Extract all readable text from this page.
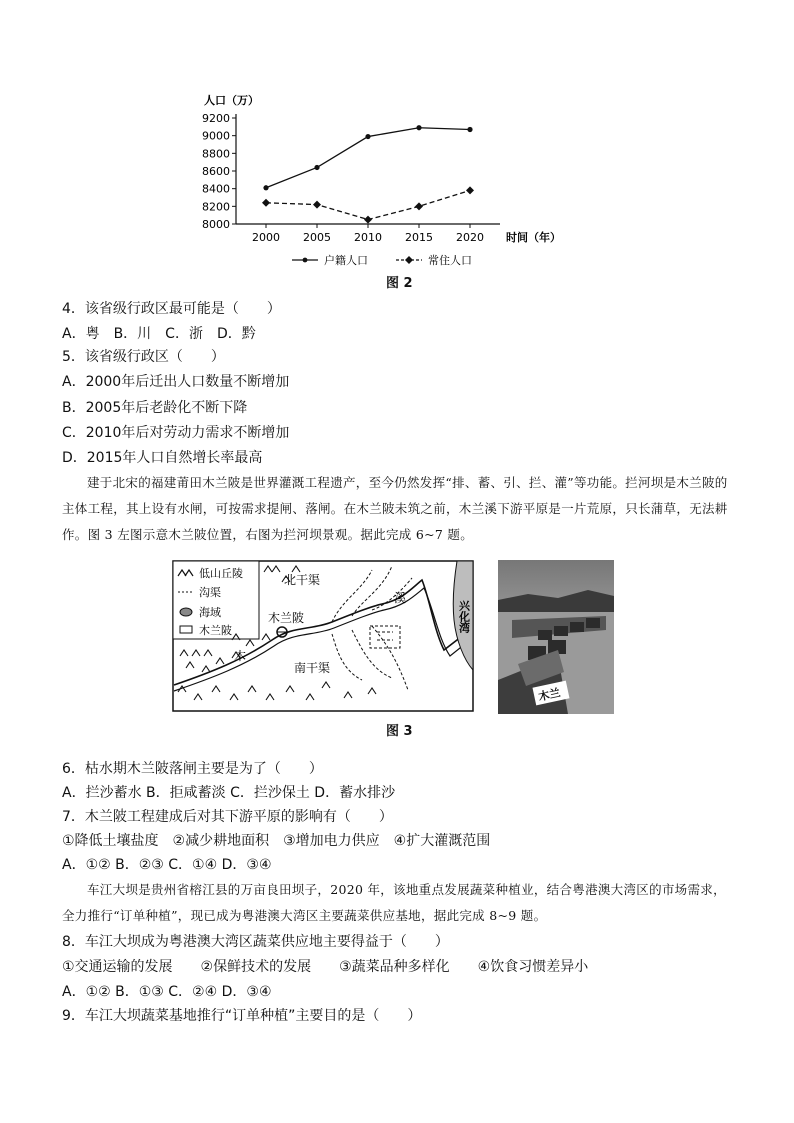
人口（万）
8000
8200
8400
8600
8800
9000
9200
2000 2005 2010 2015 2020 时间（年）
户籍人口	常住人口
图 2
4．该省级行政区最可能是（　　）
A．粤　B．川　C．浙　D．黔
5．该省级行政区（　　）
A．2000年后迁出人口数量不断增加
B．2005年后老龄化不断下降
C．2010年后对劳动力需求不断增加
D．2015年人口自然增长率最高
建于北宋的福建莆田木兰陂是世界灌溉工程遗产，至今仍然发挥“排、蓄、引、拦、灌”等功能。拦河坝是木兰陂的主体工程，其上设有水闸，可按需求提闸、落闸。在木兰陂未筑之前，木兰溪下游平原是一片荒原，只长蒲草，无法耕作。图 3 左图示意木兰陂位置，右图为拦河坝景观。据此完成 6~7 题。
低山丘陵
沟渠
海域
木兰陂	兴化湾
木兰陂
北干渠
南干渠
溪
木
木兰
图 3
6．枯水期木兰陂落闸主要是为了（　　）
A．拦沙蓄水 B．拒咸蓄淡 C．拦沙保土 D．蓄水排沙
7．木兰陂工程建成后对其下游平原的影响有（　　）
①降低土壤盐度　②减少耕地面积　③增加电力供应　④扩大灌溉范围
A．①② B．②③ C．①④ D．③④
车江大坝是贵州省榕江县的万亩良田坝子，2020 年，该地重点发展蔬菜种植业，结合粤港澳大湾区的市场需求，全力推行“订单种植”，现已成为粤港澳大湾区主要蔬菜供应基地，据此完成 8~9 题。
8．车江大坝成为粤港澳大湾区蔬菜供应地主要得益于（　　）
①交通运输的发展　　②保鲜技术的发展　　③蔬菜品种多样化　　④饮食习惯差异小
A．①② B．①③ C．②④ D．③④
9．车江大坝蔬菜基地推行“订单种植”主要目的是（　　）
